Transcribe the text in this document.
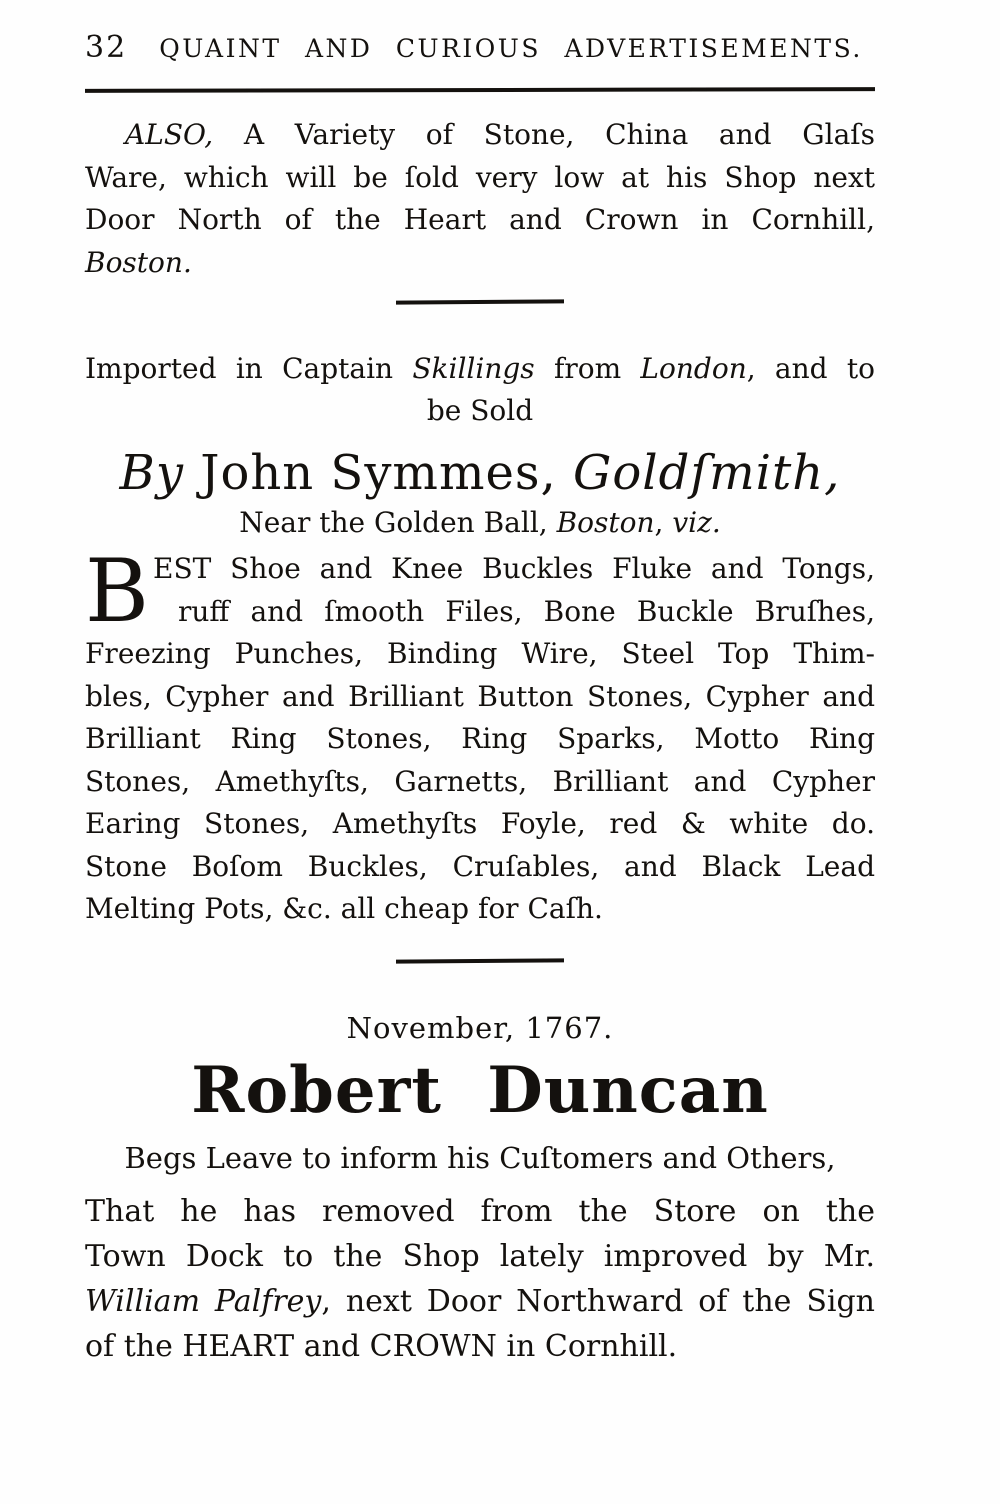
32	QUAINT AND CURIOUS ADVERTISEMENTS.
ALSO, A Variety of Stone, China and Glaſs
Ware, which will be ſold very low at his Shop next
Door North of the Heart and Crown in Cornhill,
Boston.
Imported in Captain Skillings from London, and to
be Sold
By John Symmes, Goldſmith,
Near the Golden Ball, Boston, viz.
B EST Shoe and Knee Buckles Fluke and Tongs,
ruff and ſmooth Files, Bone Buckle Bruſhes,
Freezing Punches, Binding Wire, Steel Top Thim-
bles, Cypher and Brilliant Button Stones, Cypher and
Brilliant Ring Stones, Ring Sparks, Motto Ring
Stones, Amethyſts, Garnetts, Brilliant and Cypher
Earing Stones, Amethyſts Foyle, red & white do.
Stone Boſom Buckles, Cruſables, and Black Lead
Melting Pots, &c. all cheap for Caſh.
November, 1767.
Robert Duncan
Begs Leave to inform his Cuſtomers and Others,
That he has removed from the Store on the
Town Dock to the Shop lately improved by Mr.
William Palfrey, next Door Northward of the Sign
of the HEART and CROWN in Cornhill.
